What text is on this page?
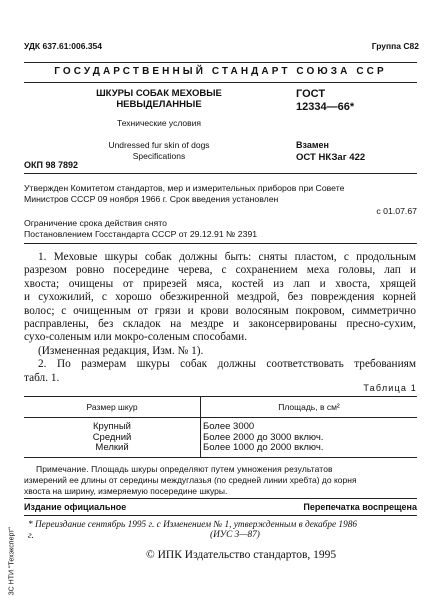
УДК 637.61:006.354	Группа С82
ГОСУДАРСТВЕННЫЙ СТАНДАРТ СОЮЗА ССР
ШКУРЫ СОБАК МЕХОВЫЕ
НЕВЫДЕЛАННЫЕ
Технические условия
Undressed fur skin of dogs
Specifications
ГОСТ
12334—66*
Взамен
ОСТ НКЗаг 422
ОКП 98 7892
Утвержден Комитетом стандартов, мер и измерительных приборов при Совете
Министров СССР 09 ноября 1966 г. Срок введения установлен
с 01.07.67
Ограничение срока действия снято
Постановлением Госстандарта СССР от 29.12.91 № 2391
1. Меховые шкуры собак должны быть: сняты пластом, с продольным
разрезом ровно посередине черева, с сохранением меха головы, лап и
хвоста; очищены от прирезей мяса, костей из лап и хвоста, хрящей
и сухожилий, с хорошо обезжиренной мездрой, без повреждения корней
волос; с очищенным от грязи и крови волосяным покровом, симметрично
расправлены, без складок на мездре и законсервированы пресно-сухим,
сухо-соленым или мокро-соленым способами.
(Измененная редакция, Изм. № 1).
2. По размерам шкуры собак должны соответствовать требованиям
табл. 1.
Таблица 1
Размер шкур	Площадь, в см²
Крупный	Более 3000
Средний	Более 2000 до 3000 включ.
Мелкий	Более 1000 до 2000 включ.
Примечание. Площадь шкуры определяют путем умножения результатов
измерений ее длины от середины междуглазья (по средней линии хребта) до корня
хвоста на ширину, измеряемую посередине шкуры.
Издание официальное	Перепечатка воспрещена
* Переиздание сентябрь 1995 г. с Изменением № 1, утвержденным в декабре 1986
г.	(ИУС 3—87)
© ИПК Издательство стандартов, 1995
ЗС НТИ "Техэксперт"
